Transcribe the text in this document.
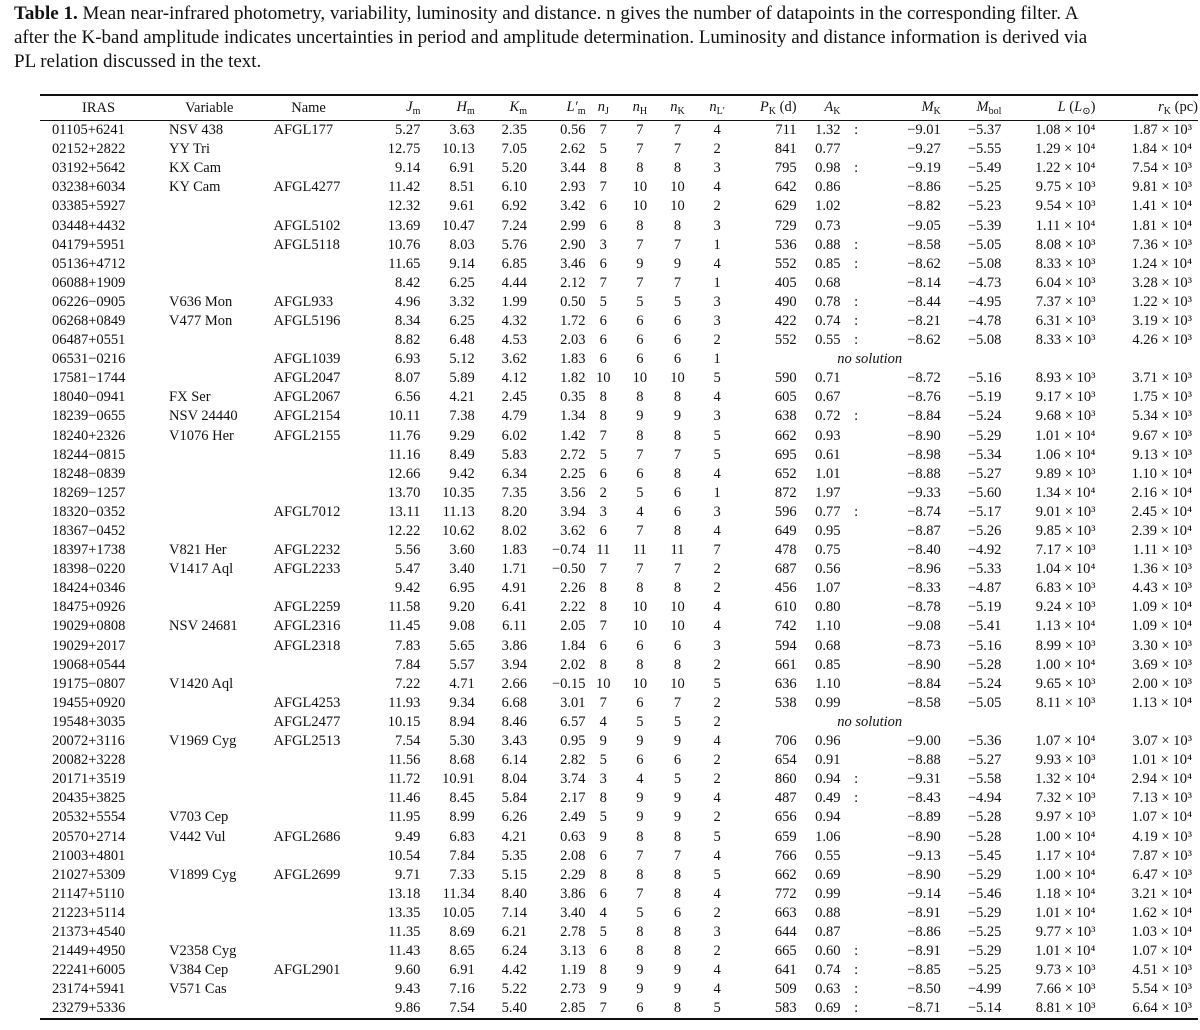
Table 1. Mean near-infrared photometry, variability, luminosity and distance. n gives the number of datapoints in the corresponding filter. A

after the K-band amplitude indicates uncertainties in period and amplitude determination. Luminosity and distance information is derived via

PL relation discussed in the text.

IRAS	Variable	Name	$J_m$	$H_m$	$K_m$	$L'_m$	$n_J$	$n_H$	$n_K$	$n_{L'}$	$P_K$ (d)	$A_K$		$M_K$	$M_{bol}$	L $(L_⊙)$	$r_K$ (pc)
01105+6241	NSV 438	AFGL177	5.27	3.63	2.35	0.56	7	7	7	4	711	1.32	:	−9.01	−5.37	1.08 × 10⁴	1.87 × 10³
02152+2822	YY Tri		12.75	10.13	7.05	2.62	5	7	7	2	841	0.77		−9.27	−5.55	1.29 × 10⁴	1.84 × 10⁴
03192+5642	KX Cam		9.14	6.91	5.20	3.44	8	8	8	3	795	0.98	:	−9.19	−5.49	1.22 × 10⁴	7.54 × 10³
03238+6034	KY Cam	AFGL4277	11.42	8.51	6.10	2.93	7	10	10	4	642	0.86		−8.86	−5.25	9.75 × 10³	9.81 × 10³
03385+5927			12.32	9.61	6.92	3.42	6	10	10	2	629	1.02		−8.82	−5.23	9.54 × 10³	1.41 × 10⁴
03448+4432		AFGL5102	13.69	10.47	7.24	2.99	6	8	8	3	729	0.73		−9.05	−5.39	1.11 × 10⁴	1.81 × 10⁴
04179+5951		AFGL5118	10.76	8.03	5.76	2.90	3	7	7	1	536	0.88	:	−8.58	−5.05	8.08 × 10³	7.36 × 10³
05136+4712			11.65	9.14	6.85	3.46	6	9	9	4	552	0.85	:	−8.62	−5.08	8.33 × 10³	1.24 × 10⁴
06088+1909			8.42	6.25	4.44	2.12	7	7	7	1	405	0.68		−8.14	−4.73	6.04 × 10³	3.28 × 10³
06226−0905	V636 Mon	AFGL933	4.96	3.32	1.99	0.50	5	5	5	3	490	0.78	:	−8.44	−4.95	7.37 × 10³	1.22 × 10³
06268+0849	V477 Mon	AFGL5196	8.34	6.25	4.32	1.72	6	6	6	3	422	0.74	:	−8.21	−4.78	6.31 × 10³	3.19 × 10³
06487+0551			8.82	6.48	4.53	2.03	6	6	6	2	552	0.55	:	−8.62	−5.08	8.33 × 10³	4.26 × 10³
06531−0216		AFGL1039	6.93	5.12	3.62	1.83	6	6	6	1	no solution						
17581−1744		AFGL2047	8.07	5.89	4.12	1.82	10	10	10	5	590	0.71		−8.72	−5.16	8.93 × 10³	3.71 × 10³
18040−0941	FX Ser	AFGL2067	6.56	4.21	2.45	0.35	8	8	8	4	605	0.67		−8.76	−5.19	9.17 × 10³	1.75 × 10³
18239−0655	NSV 24440	AFGL2154	10.11	7.38	4.79	1.34	8	9	9	3	638	0.72	:	−8.84	−5.24	9.68 × 10³	5.34 × 10³
18240+2326	V1076 Her	AFGL2155	11.76	9.29	6.02	1.42	7	8	8	5	662	0.93		−8.90	−5.29	1.01 × 10⁴	9.67 × 10³
18244−0815			11.16	8.49	5.83	2.72	5	7	7	5	695	0.61		−8.98	−5.34	1.06 × 10⁴	9.13 × 10³
18248−0839			12.66	9.42	6.34	2.25	6	6	8	4	652	1.01		−8.88	−5.27	9.89 × 10³	1.10 × 10⁴
18269−1257			13.70	10.35	7.35	3.56	2	5	6	1	872	1.97		−9.33	−5.60	1.34 × 10⁴	2.16 × 10⁴
18320−0352		AFGL7012	13.11	11.13	8.20	3.94	3	4	6	3	596	0.77	:	−8.74	−5.17	9.01 × 10³	2.45 × 10⁴
18367−0452			12.22	10.62	8.02	3.62	6	7	8	4	649	0.95		−8.87	−5.26	9.85 × 10³	2.39 × 10⁴
18397+1738	V821 Her	AFGL2232	5.56	3.60	1.83	−0.74	11	11	11	7	478	0.75		−8.40	−4.92	7.17 × 10³	1.11 × 10³
18398−0220	V1417 Aql	AFGL2233	5.47	3.40	1.71	−0.50	7	7	7	2	687	0.56		−8.96	−5.33	1.04 × 10⁴	1.36 × 10³
18424+0346			9.42	6.95	4.91	2.26	8	8	8	2	456	1.07		−8.33	−4.87	6.83 × 10³	4.43 × 10³
18475+0926		AFGL2259	11.58	9.20	6.41	2.22	8	10	10	4	610	0.80		−8.78	−5.19	9.24 × 10³	1.09 × 10⁴
19029+0808	NSV 24681	AFGL2316	11.45	9.08	6.11	2.05	7	10	10	4	742	1.10		−9.08	−5.41	1.13 × 10⁴	1.09 × 10⁴
19029+2017		AFGL2318	7.83	5.65	3.86	1.84	6	6	6	3	594	0.68		−8.73	−5.16	8.99 × 10³	3.30 × 10³
19068+0544			7.84	5.57	3.94	2.02	8	8	8	2	661	0.85		−8.90	−5.28	1.00 × 10⁴	3.69 × 10³
19175−0807	V1420 Aql		7.22	4.71	2.66	−0.15	10	10	10	5	636	1.10		−8.84	−5.24	9.65 × 10³	2.00 × 10³
19455+0920		AFGL4253	11.93	9.34	6.68	3.01	7	6	7	2	538	0.99		−8.58	−5.05	8.11 × 10³	1.13 × 10⁴
19548+3035		AFGL2477	10.15	8.94	8.46	6.57	4	5	5	2	no solution						
20072+3116	V1969 Cyg	AFGL2513	7.54	5.30	3.43	0.95	9	9	9	4	706	0.96		−9.00	−5.36	1.07 × 10⁴	3.07 × 10³
20082+3228			11.56	8.68	6.14	2.82	5	6	6	2	654	0.91		−8.88	−5.27	9.93 × 10³	1.01 × 10⁴
20171+3519			11.72	10.91	8.04	3.74	3	4	5	2	860	0.94	:	−9.31	−5.58	1.32 × 10⁴	2.94 × 10⁴
20435+3825			11.46	8.45	5.84	2.17	8	9	9	4	487	0.49	:	−8.43	−4.94	7.32 × 10³	7.13 × 10³
20532+5554	V703 Cep		11.95	8.99	6.26	2.49	5	9	9	2	656	0.94		−8.89	−5.28	9.97 × 10³	1.07 × 10⁴
20570+2714	V442 Vul	AFGL2686	9.49	6.83	4.21	0.63	9	8	8	5	659	1.06		−8.90	−5.28	1.00 × 10⁴	4.19 × 10³
21003+4801			10.54	7.84	5.35	2.08	6	7	7	4	766	0.55		−9.13	−5.45	1.17 × 10⁴	7.87 × 10³
21027+5309	V1899 Cyg	AFGL2699	9.71	7.33	5.15	2.29	8	8	8	5	662	0.69		−8.90	−5.29	1.00 × 10⁴	6.47 × 10³
21147+5110			13.18	11.34	8.40	3.86	6	7	8	4	772	0.99		−9.14	−5.46	1.18 × 10⁴	3.21 × 10⁴
21223+5114			13.35	10.05	7.14	3.40	4	5	6	2	663	0.88		−8.91	−5.29	1.01 × 10⁴	1.62 × 10⁴
21373+4540			11.35	8.69	6.21	2.78	5	8	8	3	644	0.87		−8.86	−5.25	9.77 × 10³	1.03 × 10⁴
21449+4950	V2358 Cyg		11.43	8.65	6.24	3.13	6	8	8	2	665	0.60	:	−8.91	−5.29	1.01 × 10⁴	1.07 × 10⁴
22241+6005	V384 Cep	AFGL2901	9.60	6.91	4.42	1.19	8	9	9	4	641	0.74	:	−8.85	−5.25	9.73 × 10³	4.51 × 10³
23174+5941	V571 Cas		9.43	7.16	5.22	2.73	9	9	9	4	509	0.63	:	−8.50	−4.99	7.66 × 10³	5.54 × 10³
23279+5336			9.86	7.54	5.40	2.85	7	6	8	5	583	0.69	:	−8.71	−5.14	8.81 × 10³	6.64 × 10³
